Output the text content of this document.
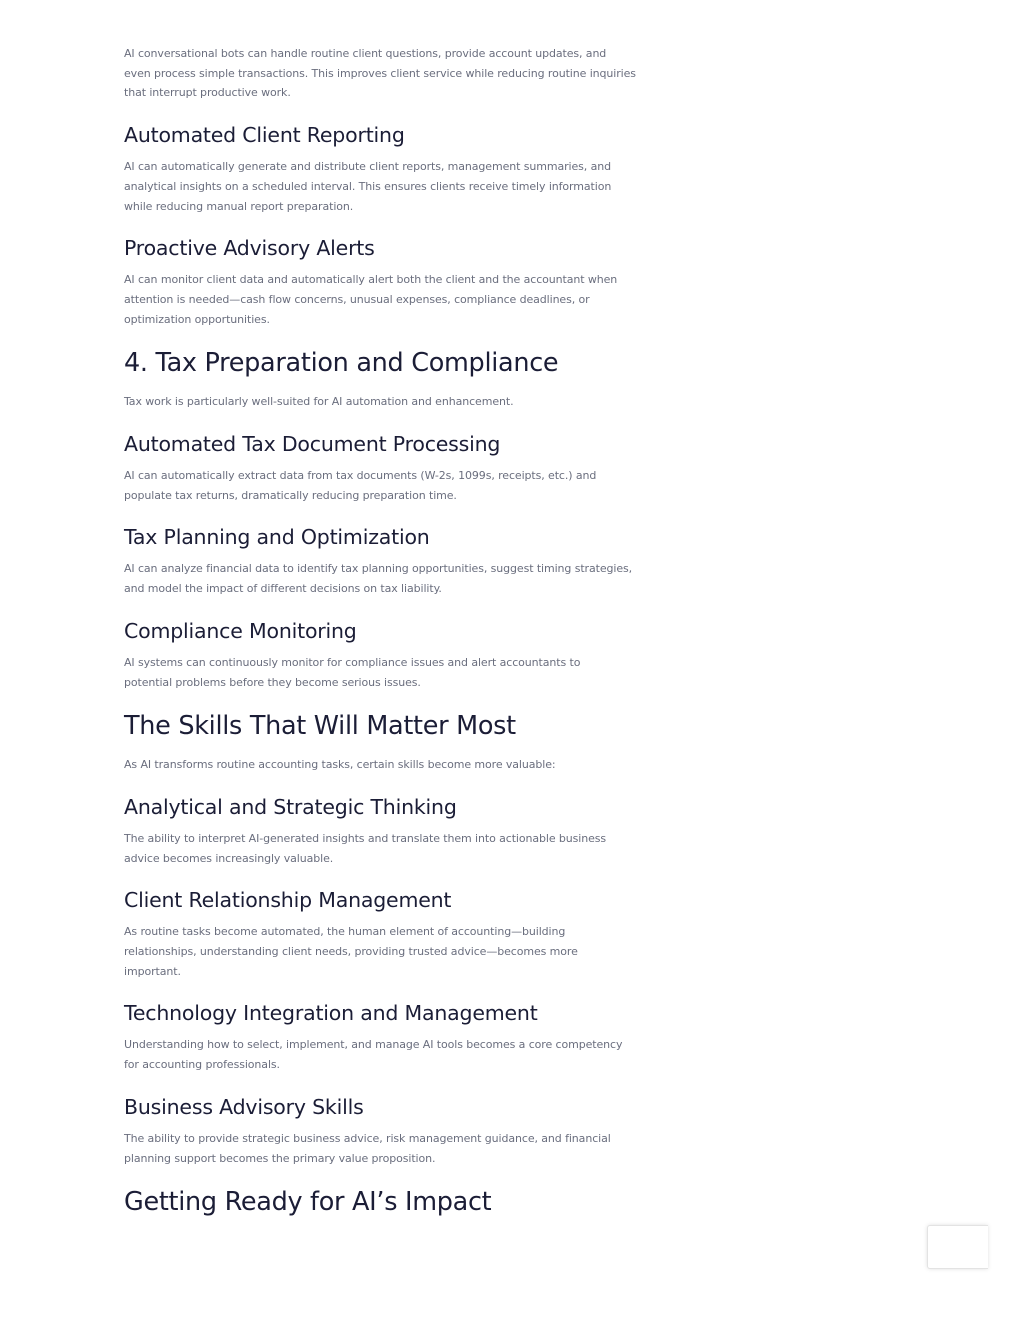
AI conversational bots can handle routine client questions, provide account updates, and even process simple transactions. This improves client service while reducing routine inquiries that interrupt productive work.

Automated Client Reporting

AI can automatically generate and distribute client reports, management summaries, and analytical insights on a scheduled interval. This ensures clients receive timely information while reducing manual report preparation.

Proactive Advisory Alerts

AI can monitor client data and automatically alert both the client and the accountant when attention is needed—cash flow concerns, unusual expenses, compliance deadlines, or optimization opportunities.

4. Tax Preparation and Compliance

Tax work is particularly well-suited for AI automation and enhancement.

Automated Tax Document Processing

AI can automatically extract data from tax documents (W-2s, 1099s, receipts, etc.) and populate tax returns, dramatically reducing preparation time.

Tax Planning and Optimization

AI can analyze financial data to identify tax planning opportunities, suggest timing strategies, and model the impact of different decisions on tax liability.

Compliance Monitoring

AI systems can continuously monitor for compliance issues and alert accountants to potential problems before they become serious issues.

The Skills That Will Matter Most

As AI transforms routine accounting tasks, certain skills become more valuable:

Analytical and Strategic Thinking

The ability to interpret AI-generated insights and translate them into actionable business advice becomes increasingly valuable.

Client Relationship Management

As routine tasks become automated, the human element of accounting—building relationships, understanding client needs, providing trusted advice—becomes more important.

Technology Integration and Management

Understanding how to select, implement, and manage AI tools becomes a core competency for accounting professionals.

Business Advisory Skills

The ability to provide strategic business advice, risk management guidance, and financial planning support becomes the primary value proposition.

Getting Ready for AI’s Impact
